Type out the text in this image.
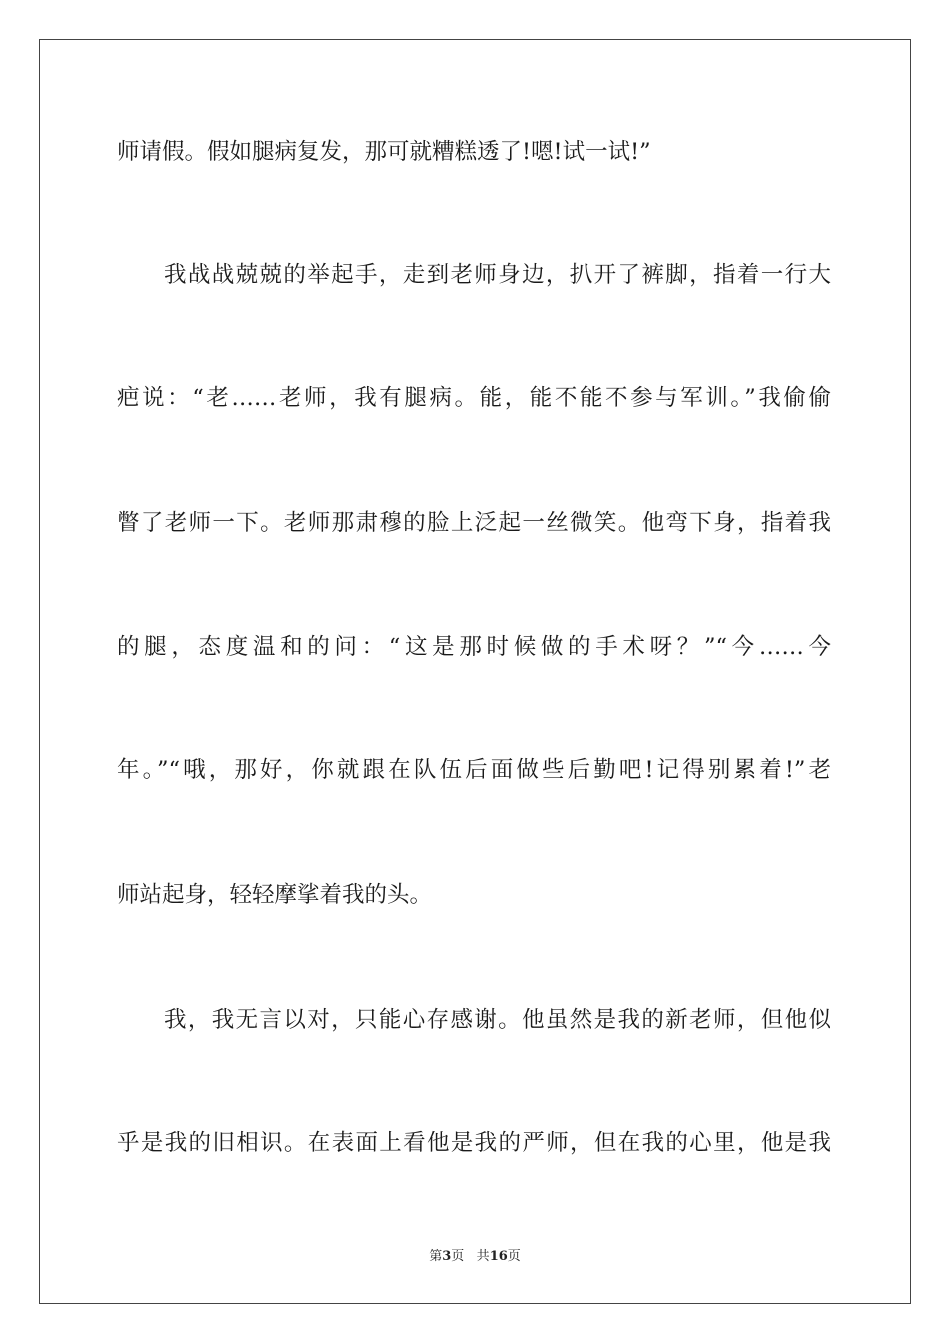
师请假。假如腿病复发，那可就糟糕透了!嗯!试一试!”
我战战兢兢的举起手，走到老师身边，扒开了裤脚，指着一行大
疤说：“老……老师，我有腿病。能，能不能不参与军训。”我偷偷
瞥了老师一下。老师那肃穆的脸上泛起一丝微笑。他弯下身，指着我
的腿，态度温和的问：“这是那时候做的手术呀？”“今……今
年。”“哦，那好，你就跟在队伍后面做些后勤吧!记得别累着!”老
师站起身，轻轻摩挲着我的头。
我，我无言以对，只能心存感谢。他虽然是我的新老师，但他似
乎是我的旧相识。在表面上看他是我的严师，但在我的心里，他是我
第3页 共16页
